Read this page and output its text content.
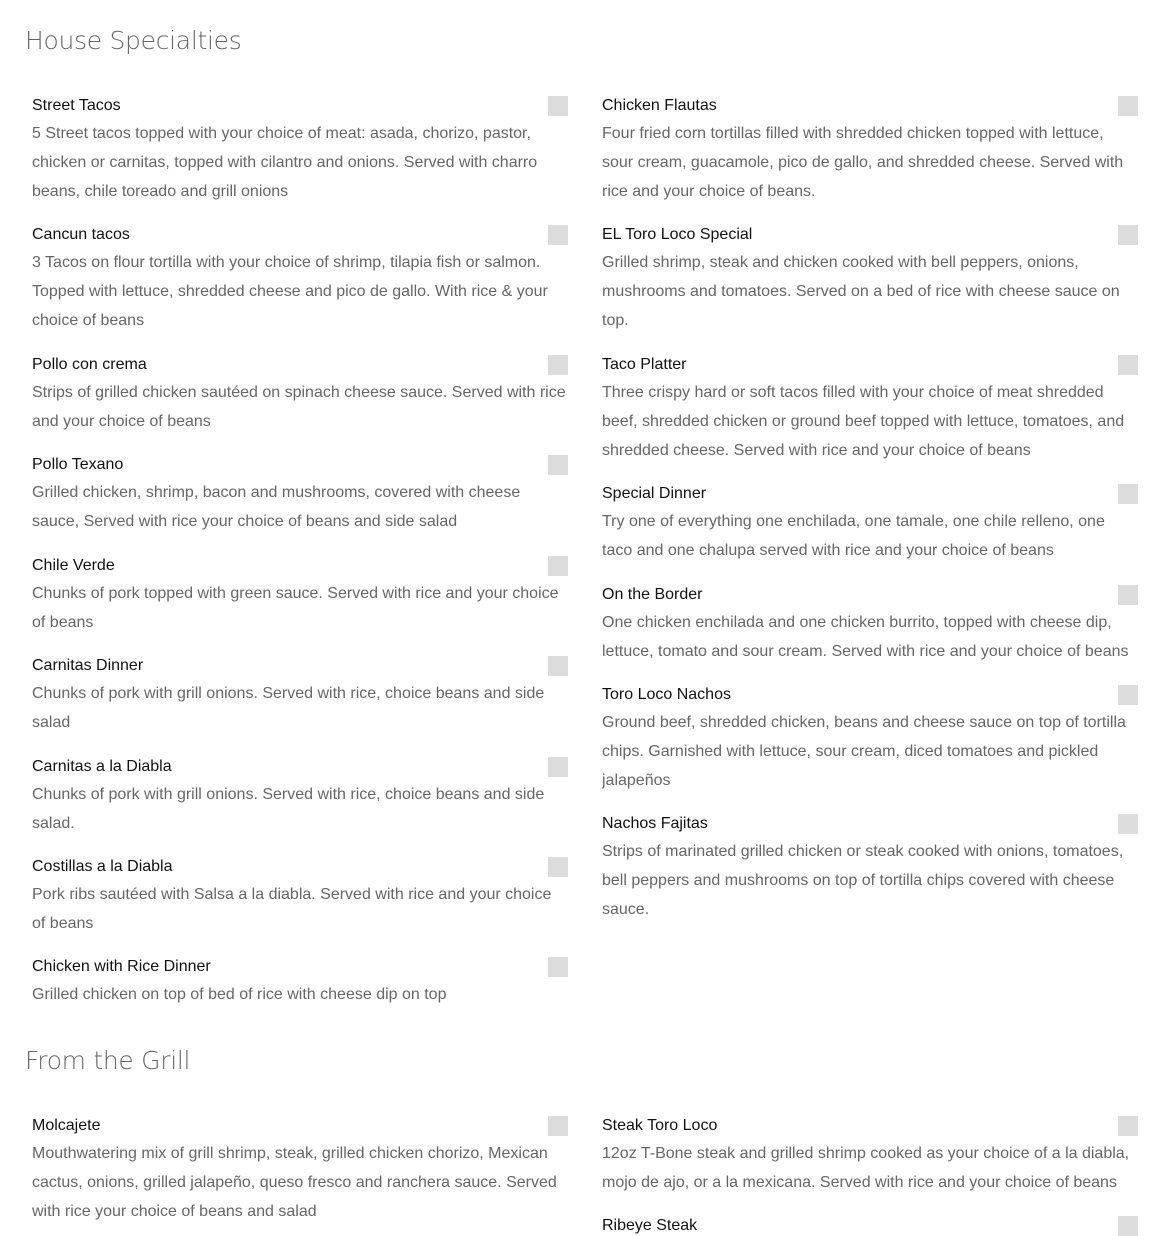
House Specialties
Street Tacos
5 Street tacos topped with your choice of meat: asada, chorizo, pastor, chicken or carnitas, topped with cilantro and onions. Served with charro beans, chile toreado and grill onions
Cancun tacos
3 Tacos on flour tortilla with your choice of shrimp, tilapia fish or salmon. Topped with lettuce, shredded cheese and pico de gallo. With rice & your choice of beans
Pollo con crema
Strips of grilled chicken sautéed on spinach cheese sauce. Served with rice and your choice of beans
Pollo Texano
Grilled chicken, shrimp, bacon and mushrooms, covered with cheese sauce, Served with rice your choice of beans and side salad
Chile Verde
Chunks of pork topped with green sauce. Served with rice and your choice of beans
Carnitas Dinner
Chunks of pork with grill onions. Served with rice, choice beans and side salad
Carnitas a la Diabla
Chunks of pork with grill onions. Served with rice, choice beans and side salad.
Costillas a la Diabla
Pork ribs sautéed with Salsa a la diabla. Served with rice and your choice of beans
Chicken with Rice Dinner
Grilled chicken on top of bed of rice with cheese dip on top
Chicken Flautas
Four fried corn tortillas filled with shredded chicken topped with lettuce, sour cream, guacamole, pico de gallo, and shredded cheese. Served with rice and your choice of beans.
EL Toro Loco Special
Grilled shrimp, steak and chicken cooked with bell peppers, onions, mushrooms and tomatoes. Served on a bed of rice with cheese sauce on top.
Taco Platter
Three crispy hard or soft tacos filled with your choice of meat shredded beef, shredded chicken or ground beef topped with lettuce, tomatoes, and shredded cheese. Served with rice and your choice of beans
Special Dinner
Try one of everything one enchilada, one tamale, one chile relleno, one taco and one chalupa served with rice and your choice of beans
On the Border
One chicken enchilada and one chicken burrito, topped with cheese dip, lettuce, tomato and sour cream. Served with rice and your choice of beans
Toro Loco Nachos
Ground beef, shredded chicken, beans and cheese sauce on top of tortilla chips. Garnished with lettuce, sour cream, diced tomatoes and pickled jalapeños
Nachos Fajitas
Strips of marinated grilled chicken or steak cooked with onions, tomatoes, bell peppers and mushrooms on top of tortilla chips covered with cheese sauce.
From the Grill
Molcajete
Mouthwatering mix of grill shrimp, steak, grilled chicken chorizo, Mexican cactus, onions, grilled jalapeño, queso fresco and ranchera sauce. Served with rice your choice of beans and salad
Steak Toro Loco
12oz T-Bone steak and grilled shrimp cooked as your choice of a la diabla, mojo de ajo, or a la mexicana. Served with rice and your choice of beans
Ribeye Steak
